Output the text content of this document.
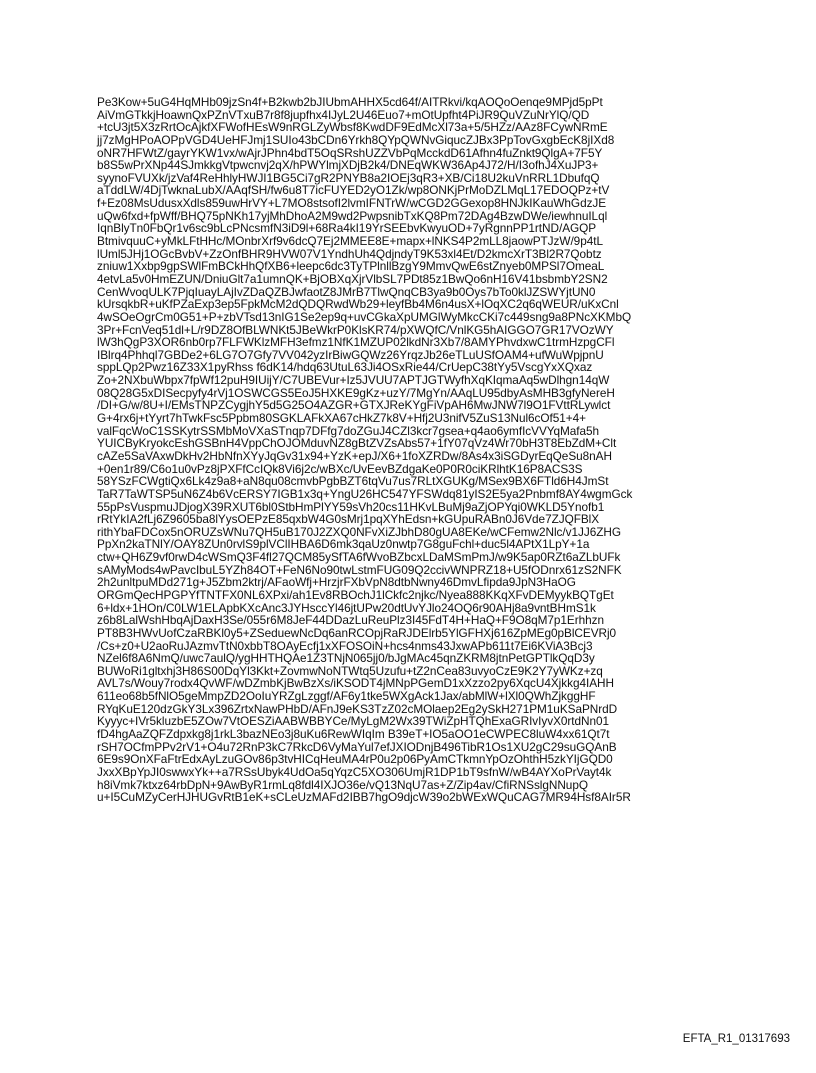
Pe3Kow+5uG4HqMHb09jzSn4f+B2kwb2bJIUbmAHHX5cd64f/AITRkvi/kqAOQoOenqe9MPjd5pPt
AiVmGTkkjHoawnQxPZnVTxuB7r8f8jupfhx4IJyL2U46Euo7+mOtUpfht4PiJR9QuVZuNrYlQ/QD
+tcU3jt5X3zRrtOcAjkfXFWofHEsW9nRGLZyWbsf8KwdDF9EdMcXl73a+5/5HZz/AAz8FCywNRmE
jj7zMgHPoAOPpVGD4UeHFJmj1SUIo43bCDn6Yrkh8QYpQWNvGiqucZJBx3PpTovGxgbEcK8jIXd8
oNR7HFWtZ/gayrYKW1vx/wAjrJPhn4bdT5OqSRshUZZVbPqMcckdD61Afhn4fuZnkt9QlgA+7F5Y
b8S5wPrXNp44SJmkkgVtpwcnvj2qX/hPWYlmjXDjB2k4/DNEqWKW36Ap4J72/H/I3ofhJ4XuJP3+
syynoFVUXk/jzVaf4ReHhlyHWJI1BG5Ci7gR2PNYB8a2IOEj3qR3+XB/Ci18U2kuVnRRL1DbufqQ
aTddLW/4DjTwknaLubX/AAqfSH/fw6u8T7icFUYED2yO1Zk/wp8ONKjPrMoDZLMqL17EDOQPz+tV
f+Ez08MsUdusxXdls859uwHrVY+L7MO8stsofI2lvmIFNTrW/wCGD2GGexop8HNJkIKauWhGdzJE
uQw6fxd+fpWff/BHQ75pNKh17yjMhDhoA2M9wd2PwpsnibTxKQ8Pm72DAg4BzwDWe/iewhnuILql
IqnBlyTn0FbQr1v6sc9bLcPNcsmfN3iD9l+68Ra4kI19YrSEEbvKwyuOD+7yRgnnPP1rtND/AGQP
BtmivquuC+yMkLFtHHc/MOnbrXrf9v6dcQ7Ej2MMEE8E+mapx+lNKS4P2mLL8jaowPTJzW/9p4tL
lUml5JHj1OGcBvbV+ZzOnfBHR9HVW07V1YndhUh4QdjndyT9K53xl4Et/D2kmcXrT3Bl2R7Qobtz
zniuw1Xxbp9gpSWlFmBCkHhQfXB6+leepc6dc3TyTPlnllBzgY9MmvQwE6stZnyeb0MPSl7OmeaL
4etvLa5v0HmEZUN/DniuGlt7a1umnQK+BjOBXqXjrVlbSL7PDt85z1BwQo6nH16V41bsbmbY2SN2
CenWvoqULK7PjqIuayLAjIvZDaQZBJwfaotZ8JMrB7TlwQnqCB3ya9b0Oys7bTo0klJZSWYjtUN0
kUrsqkbR+uKfPZaExp3ep5FpkMcM2dQDQRwdWb29+leyfBb4M6n4usX+lOqXC2q6qWEUR/uKxCnl
4wSOeOgrCm0G51+P+zbVTsd13nIG1Se2ep9q+uvCGkaXpUMGlWyMkcCKi7c449sng9a8PNcXKMbQ
3Pr+FcnVeq51dl+L/r9DZ8OfBLWNKt5JBeWkrP0KlsKR74/pXWQfC/VnlKG5hAIGGO7GR17VOzWY
lW3hQgP3XOR6nb0rp7FLFWKlzMFH3efmz1NfK1MZUP02lkdNr3Xb7/8AMYPhvdxwC1trmHzpgCFl
IBlrq4Phhql7GBDe2+6LG7O7Gfy7VV042yzIrBiwGQWz26YrqzJb26eTLuUSfOAM4+ufWuWpjpnU
sppLQp2Pwz16Z33X1pyRhss f6dK14/hdq63UtuL63Ji4OSxRie44/CrUepC38tYy5VscgYxXQxaz
Zo+2NXbuWbpx7fpWf12puH9IUijY/C7UBEVur+Iz5JVUU7APTJGTWyfhXqKIqmaAq5wDlhgn14qW
08Q28G5xDISecpyfy4rVj1OSWCGS5EoJ5HXKE9gKz+uzY/7MgYn/AAqLU95dbyAsMHB3gfyNereH
/DI+G/w/8U+I/EMsTNPZCygjhY5d5G25O4AZGR+GTXJReKYgFiVpAH6MwJNW7l9O1FVttRLywlct
G+4rx6j+tYyrt7hTwkFsc5Ppbm80SGKLAFkXA67cHkZ7k8V+Hfj2U3nifV5ZuS13Nul6cOf51+4+
valFqcWoC1SSKytrSSMbMoVXaSTnqp7DFfg7doZGuJ4CZl3kcr7gsea+q4ao6ymfIcVVYqMafa5h
YUICByKryokcEshGSBnH4VppChOJOMduvNZ8gBtZVZsAbs57+1fY07qVz4Wr70bH3T8EbZdM+Clt
cAZe5SaVAxwDkHv2HbNfnXYyJqGv31x94+YzK+epJ/X6+1foXZRDw/8As4x3iSGDyrEqQeSu8nAH
+0en1r89/C6o1u0vPz8jPXFfCcIQk8Vi6j2c/wBXc/UvEevBZdgaKe0P0R0ciKRlhtK16P8ACS3S
58YSzFCWgtiQx6Lk4z9a8+aN8qu08cmvbPgbBZT6tqVu7us7RLtXGUKg/MSex9BX6FTld6H4JmSt
TaR7TaWTSP5uN6Z4b6VcERSY7IGB1x3q+YngU26HC547YFSWdq81yIS2E5ya2Pnbmf8AY4wgmGck
55pPsVuspmuJDjogX39RXUT6bl0StbHmPlYY59sVh20cs11HKvLBuMj9aZjOPYqi0WKLD5Ynofb1
rRtYkIA2fLj6Z9605ba8lYysOEPzE85qxbW4G0sMrj1pqXYhEdsn+kGUpuRABn0J6Vde7ZJQFBlX
rithYbaFDCox5nORUZsWNu7QH5uB170J2ZXQ0NFvXiZJbhD80gUA8EKe/wCFemw2Nlc/v1JJ6ZHG
PpXn2kaTNlY/OAY8ZUn0rvlS9plVClIHBA6D6mk3qaUz0nwtp7G8guFchl+duc5l4APtX1LpY+1a
ctw+QH6Z9vf0rwD4cWSmQ3F4fl27QCM85ySfTA6fWvoBZbcxLDaMSmPmJ/w9K5ap0RZt6aZLbUFk
sAMyMods4wPavcIbuL5YZh84OT+FeN6No90twLstmFUG09Q2ccivWNPRZ18+U5fODnrx61zS2NFK
2h2unltpuMDd271g+J5Zbm2ktrj/AFaoWfj+HrzjrFXbVpN8dtbNwny46DmvLfipda9JpN3HaOG
ORGmQecHPGPYfTNTFX0NL6XPxi/ah1Ev8RBOchJ1lCkfc2njkc/Nyea888KKqXFvDEMyykBQTgEt
6+ldx+1HOn/C0LW1ELApbKXcAnc3JYHsccYl46jtUPw20dtUvYJlo24OQ6r90AHj8a9vntBHmS1k
z6b8LalWshHbqAjDaxH3Se/055r6M8JeF44DDazLuReuPlz3I45FdT4H+HaQ+F9O8qM7p1Erhhzn
PT8B3HWvUofCzaRBKl0y5+ZSeduewNcDq6anRCOpjRaRJDElrb5YlGFHXj616ZpMEg0pBlCEVRj0
/Cs+z0+U2aoRuJAzmvTtN0xbbT8OAyEcfj1xXFOSOiN+hcs4nms43JxwAPb611t7Ei6KViA3Bcj3
NZel6f8A6NmQ/uwc7aulQ/ygHHTHQAe1Z3TNjN065jj0/bJgMAc45qnZKRM8jtnPetGPTlkQqD3y
BUWoRi1gltxhj3H86S00DqYl3Kkt+ZovmwNoNTWtq5Uzufu+tZ2nCea83uvyoCzE9K2Y7yWKz+zq
AVL7s/Wouy7rodx4QvWF/wDZmbKjBwBzXs/iKSODT4jMNpPGemD1xXzzo2py6XqcU4Xjkkg4IAHH
611eo68b5fNlO5geMmpZD2OoIuYRZgLzggf/AF6y1tke5WXgAck1Jax/abMlW+lXl0QWhZjkggHF
RYqKuE120dzGkY3Lx396ZrtxNawPHbD/AFnJ9eKS3TzZ02cMOlaep2Eg2ySkH271PM1uKSaPNrdD
Kyyyc+IVr5kluzbE5ZOw7VtOESZiAABWBBYCe/MyLgM2Wx39TWiZpHTQhExaGRIvIyvX0rtdNn01
fD4hgAaZQFZdpxkg8j1rkL3bazNEo3j8uKu6RewWIqIm B39eT+IO5aOO1eCWPEC8luW4xx61Qt7t
rSH7OCfmPPv2rV1+O4u72RnP3kC7RkcD6VyMaYul7efJXIODnjB496TibR1Os1XU2gC29suGQAnB
6E9s9OnXFaFtrEdxAyLzuGOv86p3tvHICqHeuMA4rP0u2p06PyAmCTkmnYpOzOhthH5zkYIjGQD0
JxxXBpYpJI0swwxYk++a7RSsUbyk4UdOa5qYqzC5XO306UmjR1DP1bT9sfnW/wB4AYXoPrVayt4k
h8iVmk7ktxz64rbDpN+9AwByR1rmLq8fdl4IXJO36e/vQ13NqU7as+Z/Zip4av/CfiRNSslgNNupQ
u+I5CuMZyCerHJHUGvRtB1eK+sCLeUzMAFd2IBB7hgO9djcW39o2bWExWQuCAG7MR94Hsf8AIr5R
EFTA_R1_01317693
